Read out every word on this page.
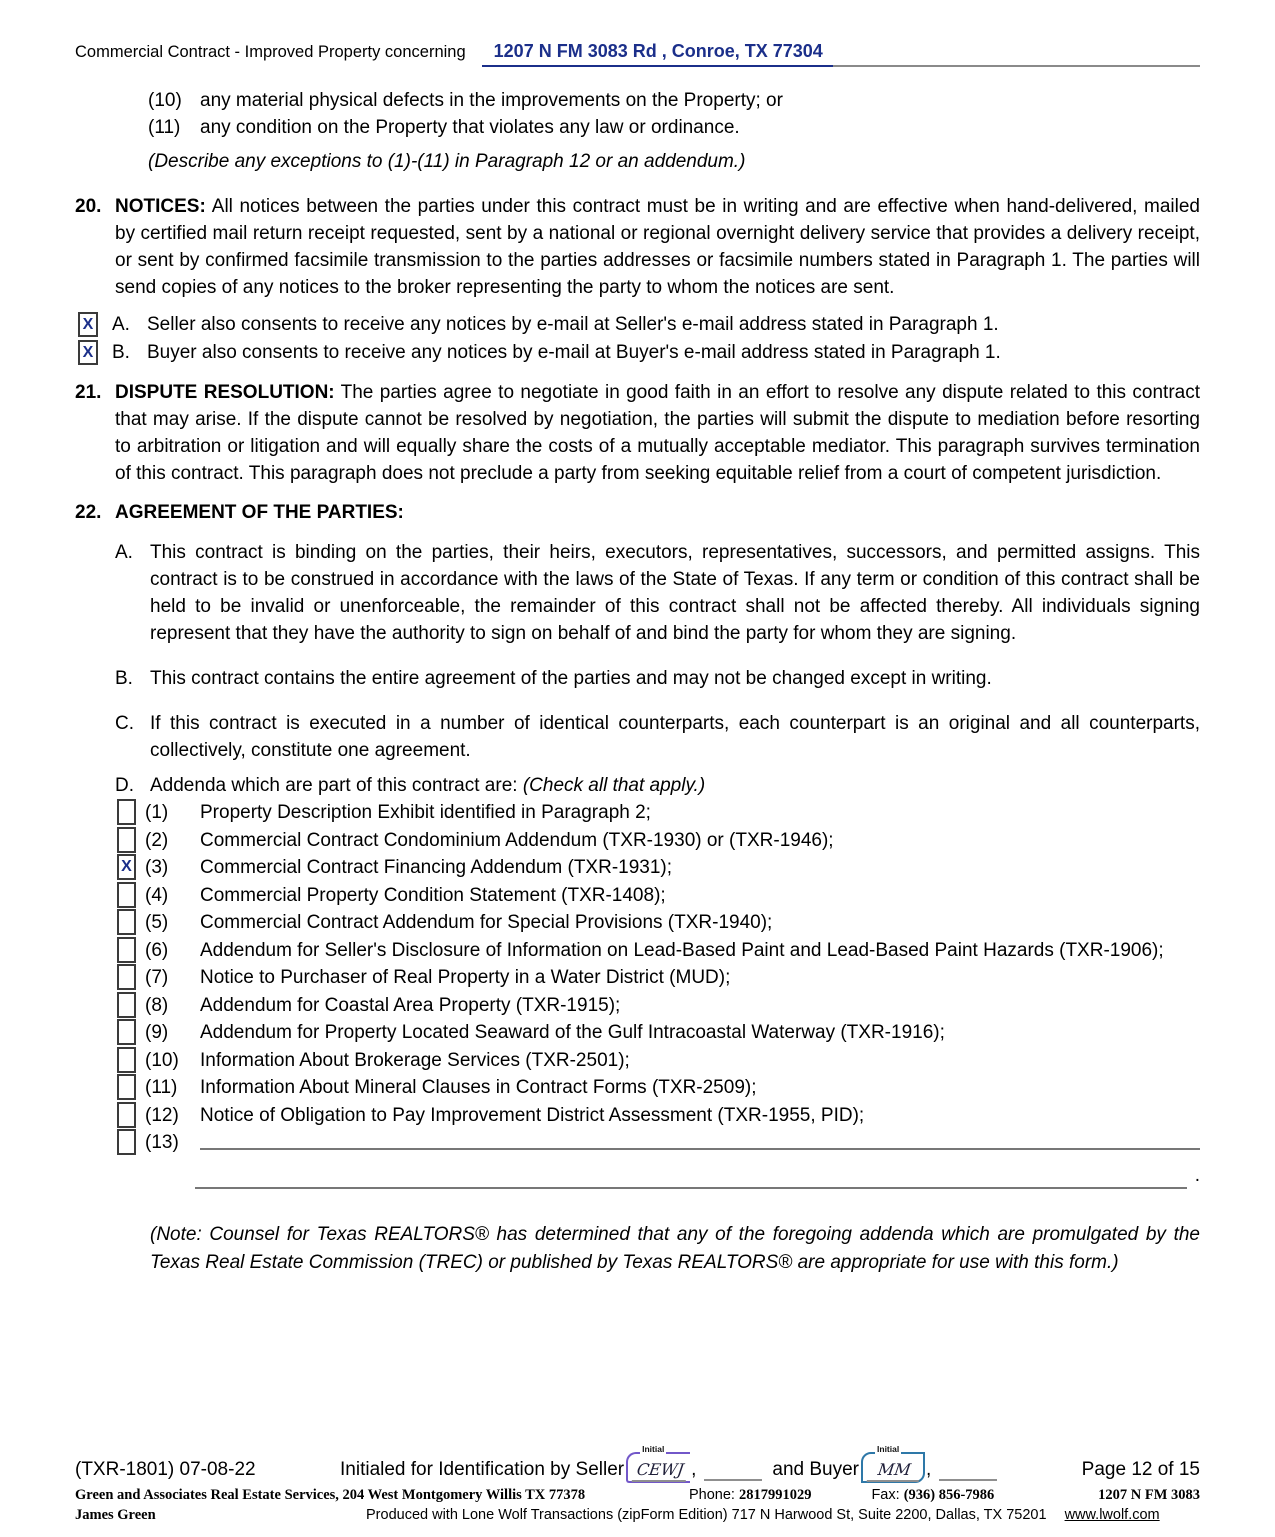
Commercial Contract - Improved Property concerning	1207 N FM 3083 Rd , Conroe, TX 77304
(10) any material physical defects in the improvements on the Property; or
(11)	any condition on the Property that violates any law or ordinance.
(Describe any exceptions to (1)-(11) in Paragraph 12 or an addendum.)
20. NOTICES: All notices between the parties under this contract must be in writing and are effective when hand-delivered, mailed by certified mail return receipt requested, sent by a national or regional overnight delivery service that provides a delivery receipt, or sent by confirmed facsimile transmission to the parties addresses or facsimile numbers stated in Paragraph 1. The parties will send copies of any notices to the broker representing the party to whom the notices are sent.
X A. Seller also consents to receive any notices by e-mail at Seller's e-mail address stated in Paragraph 1.
X B. Buyer also consents to receive any notices by e-mail at Buyer's e-mail address stated in Paragraph 1.
21. DISPUTE RESOLUTION: The parties agree to negotiate in good faith in an effort to resolve any dispute related to this contract that may arise. If the dispute cannot be resolved by negotiation, the parties will submit the dispute to mediation before resorting to arbitration or litigation and will equally share the costs of a mutually acceptable mediator. This paragraph survives termination of this contract. This paragraph does not preclude a party from seeking equitable relief from a court of competent jurisdiction.
22. AGREEMENT OF THE PARTIES:
A. This contract is binding on the parties, their heirs, executors, representatives, successors, and permitted assigns. This contract is to be construed in accordance with the laws of the State of Texas. If any term or condition of this contract shall be held to be invalid or unenforceable, the remainder of this contract shall not be affected thereby. All individuals signing represent that they have the authority to sign on behalf of and bind the party for whom they are signing.
B. This contract contains the entire agreement of the parties and may not be changed except in writing.
C. If this contract is executed in a number of identical counterparts, each counterpart is an original and all counterparts, collectively, constitute one agreement.
D. Addenda which are part of this contract are: (Check all that apply.)
(1)	Property Description Exhibit identified in Paragraph 2;
(2)	Commercial Contract Condominium Addendum (TXR-1930) or (TXR-1946);
X (3)	Commercial Contract Financing Addendum (TXR-1931);
(4)	Commercial Property Condition Statement (TXR-1408);
(5)	Commercial Contract Addendum for Special Provisions (TXR-1940);
(6)	Addendum for Seller's Disclosure of Information on Lead-Based Paint and Lead-Based Paint Hazards (TXR-1906);
(7)	Notice to Purchaser of Real Property in a Water District (MUD);
(8)	Addendum for Coastal Area Property (TXR-1915);
(9)	Addendum for Property Located Seaward of the Gulf Intracoastal Waterway (TXR-1916);
(10)	Information About Brokerage Services (TXR-2501);
(11)	Information About Mineral Clauses in Contract Forms (TXR-2509);
(12)	Notice of Obligation to Pay Improvement District Assessment (TXR-1955, PID);
(13)
.
(Note: Counsel for Texas REALTORS® has determined that any of the foregoing addenda which are promulgated by the Texas Real Estate Commission (TREC) or published by Texas REALTORS® are appropriate for use with this form.)
(TXR-1801) 07-08-22	Initialed for Identification by Seller
Initial
CEWJ ,	and Buyer
Initial
MM ,	Page 12 of 15
Green and Associates Real Estate Services, 204 West Montgomery Willis TX 77378	Phone: 2817991029	Fax: (936) 856-7986	1207 N FM 3083
James Green	Produced with Lone Wolf Transactions (zipForm Edition) 717 N Harwood St, Suite 2200, Dallas, TX 75201 www.lwolf.com
